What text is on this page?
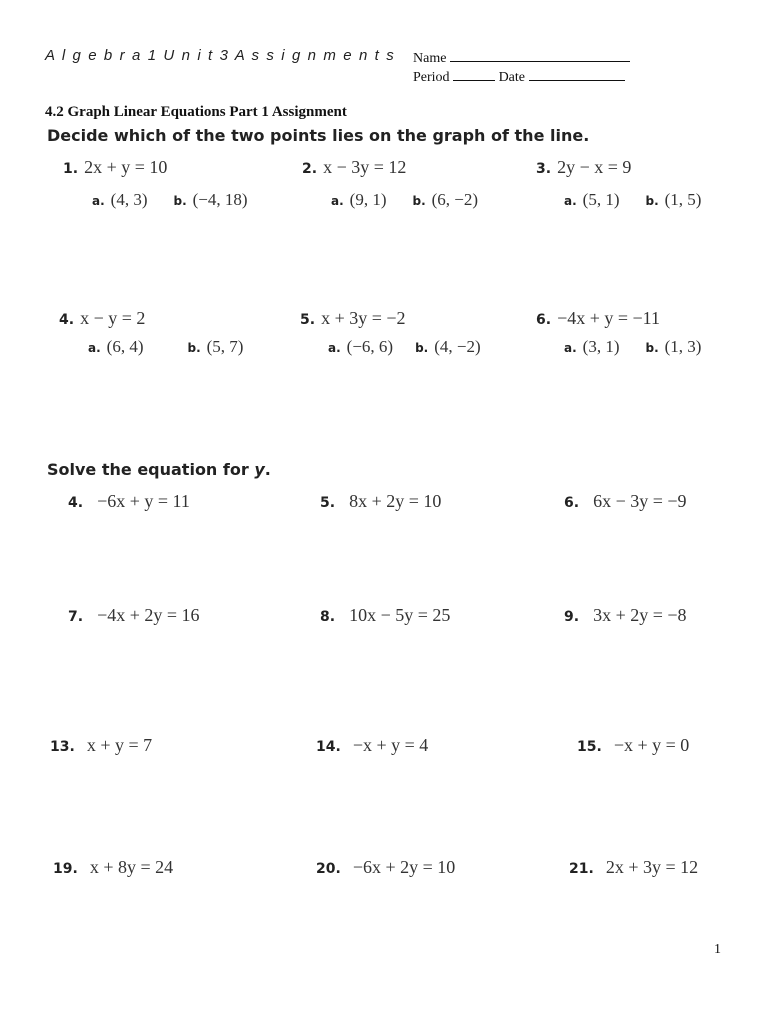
A l g e b r a 1 U n i t 3 A s s i g n m e n t s Name
Period	Date
4.2 Graph Linear Equations Part 1 Assignment
Decide which of the two points lies on the graph of the line.
1. 2x + y = 10
a. (4, 3) b. (−4, 18)
2. x − 3y = 12
a. (9, 1) b. (6, −2)
3. 2y − x = 9
a. (5, 1) b. (1, 5)
4. x − y = 2
a. (6, 4)	b. (5, 7)
5. x + 3y = −2
a. (−6, 6) b. (4, −2)
6. −4x + y = −11
a. (3, 1) b. (1, 3)
Solve the equation for y.
4. −6x + y = 11	5. 8x + 2y = 10	6. 6x − 3y = −9
7. −4x + 2y = 16	8. 10x − 5y = 25	9. 3x + 2y = −8
13. x + y = 7	14. −x + y = 4	15. −x + y = 0
19. x + 8y = 24	20. −6x + 2y = 10	21. 2x + 3y = 12
1
